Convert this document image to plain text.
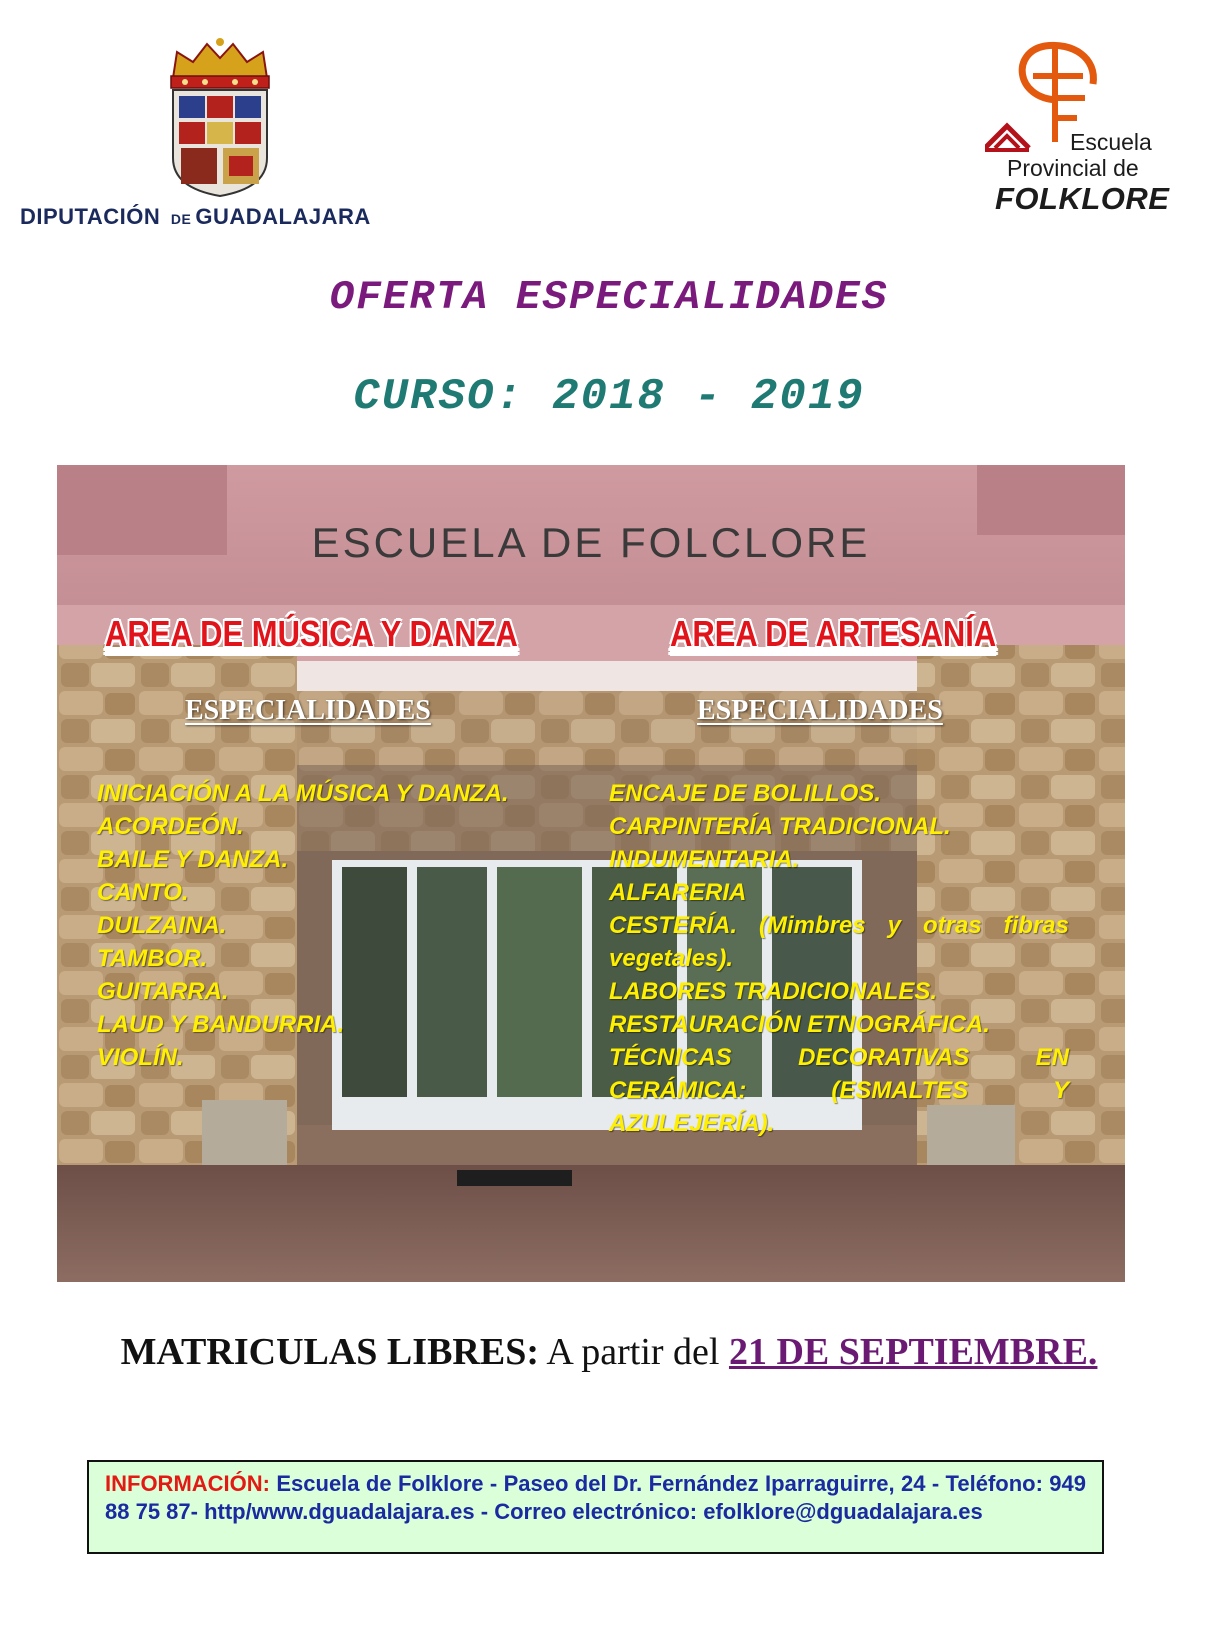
DIPUTACIÓN DE GUADALAJARA
Escuela
Provincial de
FOLKLORE
OFERTA ESPECIALIDADES
CURSO: 2018 - 2019
ESCUELA DE FOLCLORE
AREA DE MÚSICA Y DANZA	AREA DE ARTESANÍA
ESPECIALIDADES	ESPECIALIDADES
INICIACIÓN A LA MÚSICA Y DANZA.
ACORDEÓN.
BAILE Y DANZA.
CANTO.
DULZAINA.
TAMBOR.
GUITARRA.
LAUD Y BANDURRIA.
VIOLÍN.
ENCAJE DE BOLILLOS.
CARPINTERÍA TRADICIONAL.
INDUMENTARIA.
ALFARERIA
CESTERÍA. (Mimbres y otras fibras vegetales).
LABORES TRADICIONALES.
RESTAURACIÓN ETNOGRÁFICA.
TÉCNICAS DECORATIVAS EN CERÁMICA: (ESMALTES Y AZULEJERÍA).
MATRICULAS LIBRES: A partir del 21 DE SEPTIEMBRE.
INFORMACIÓN: Escuela de Folklore - Paseo del Dr. Fernández Iparraguirre, 24 - Teléfono: 949 88 75 87- http/www.dguadalajara.es - Correo electrónico: efolklore@dguadalajara.es
